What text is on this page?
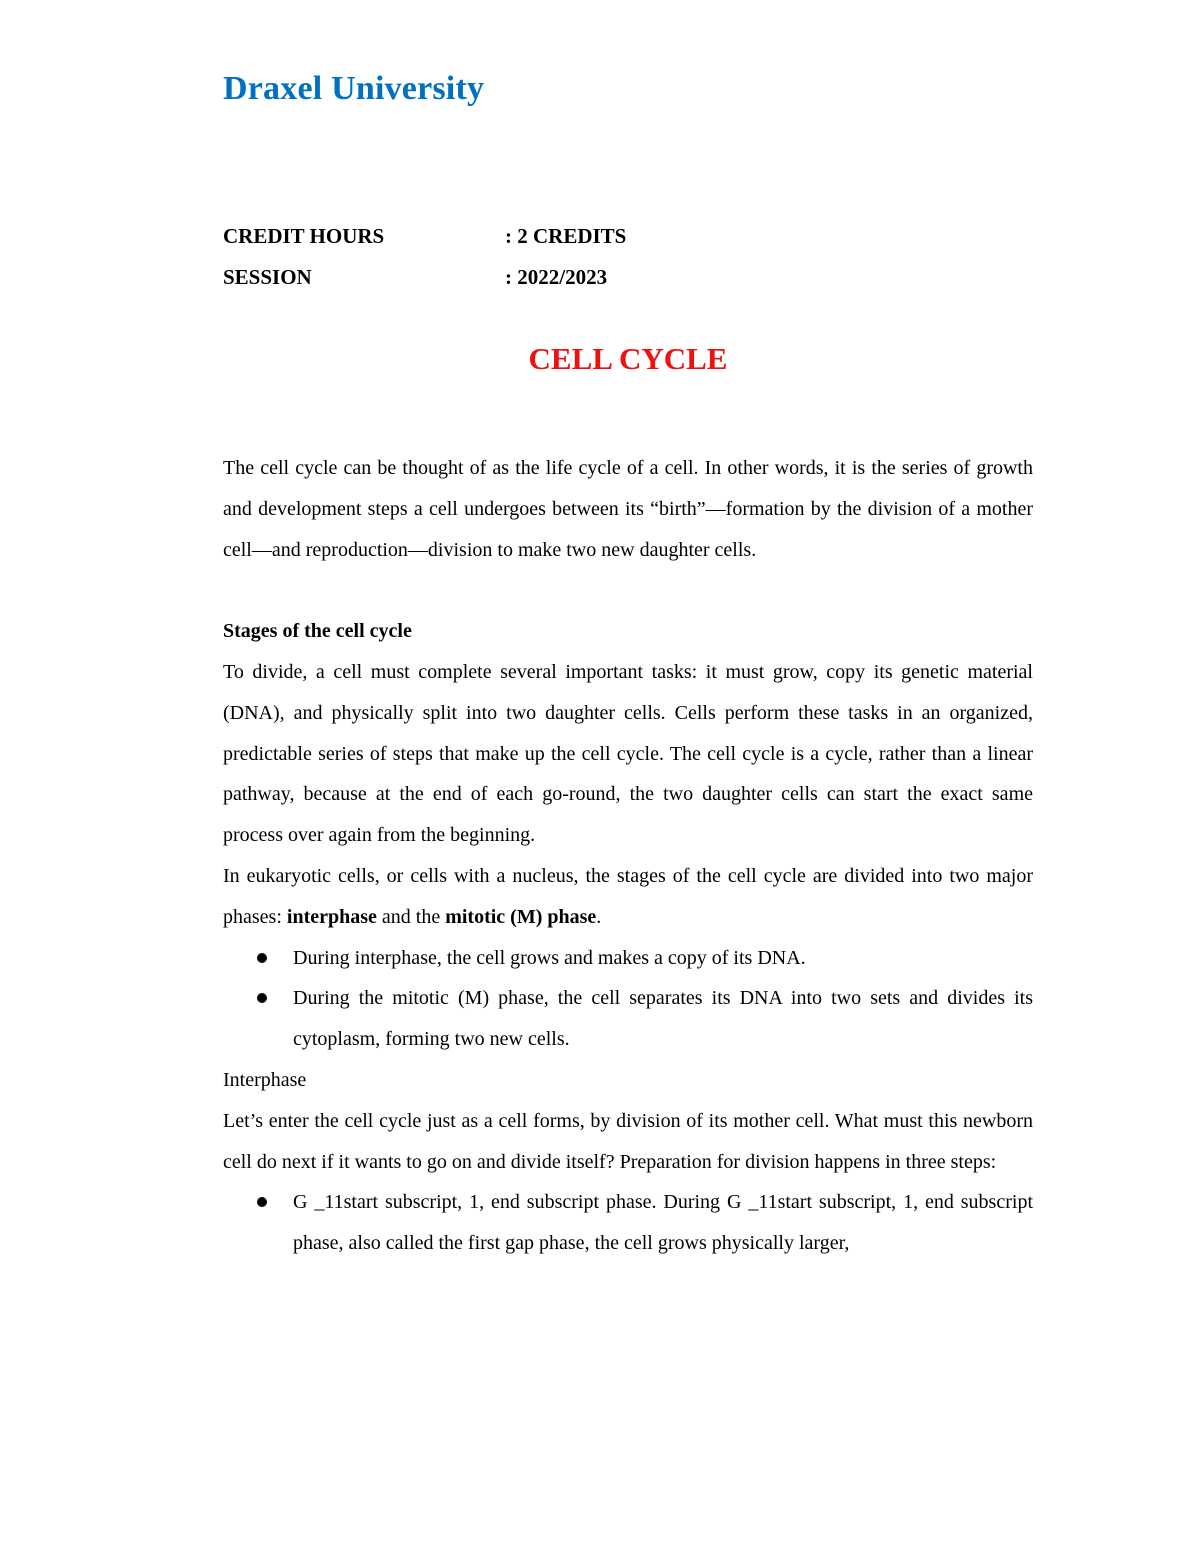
Draxel University
CREDIT HOURS	: 2 CREDITS
SESSION	: 2022/2023
CELL CYCLE

The cell cycle can be thought of as the life cycle of a cell. In other words, it is the series of growth and development steps a cell undergoes between its “birth”—formation by the division of a mother cell—and reproduction—division to make two new daughter cells.

Stages of the cell cycle

To divide, a cell must complete several important tasks: it must grow, copy its genetic material (DNA), and physically split into two daughter cells. Cells perform these tasks in an organized, predictable series of steps that make up the cell cycle. The cell cycle is a cycle, rather than a linear pathway, because at the end of each go-round, the two daughter cells can start the exact same process over again from the beginning.

In eukaryotic cells, or cells with a nucleus, the stages of the cell cycle are divided into two major phases: interphase and the mitotic (M) phase.

During interphase, the cell grows and makes a copy of its DNA.
During the mitotic (M) phase, the cell separates its DNA into two sets and divides its cytoplasm, forming two new cells.

Interphase

Let’s enter the cell cycle just as a cell forms, by division of its mother cell. What must this newborn cell do next if it wants to go on and divide itself? Preparation for division happens in three steps:

G _11start subscript, 1, end subscript phase. During G _11start subscript, 1, end subscript phase, also called the first gap phase, the cell grows physically larger,
